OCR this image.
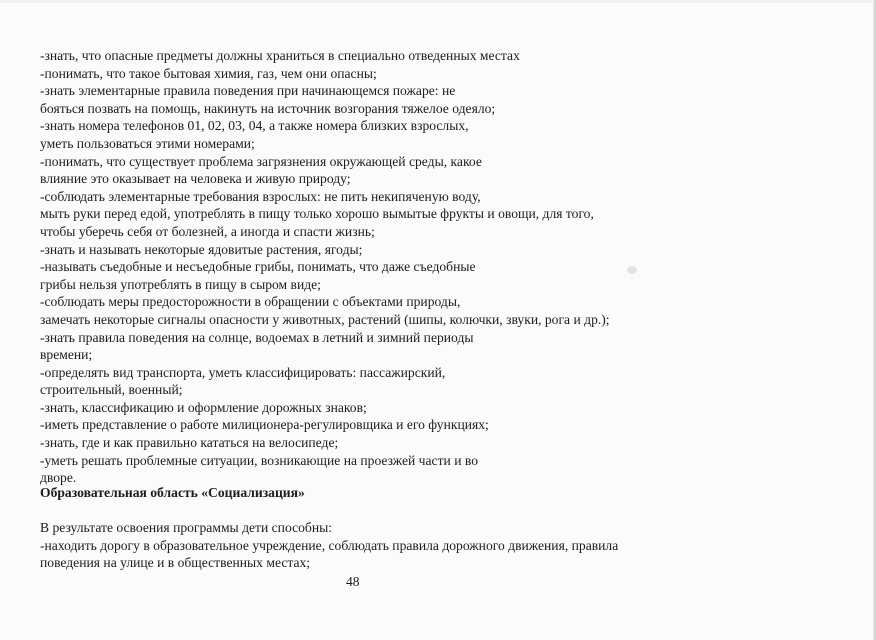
-знать, что опасные предметы должны храниться в специально отведенных местах
-понимать, что такое бытовая химия, газ, чем они опасны;
-знать элементарные правила поведения при начинающемся пожаре: не
бояться позвать на помощь, накинуть на источник возгорания тяжелое одеяло;
-знать номера телефонов 01, 02, 03, 04, а также номера близких взрослых,
уметь пользоваться этими номерами;
-понимать, что существует проблема загрязнения окружающей среды, какое
влияние это оказывает на человека и живую природу;
-соблюдать элементарные требования взрослых: не пить некипяченую воду,
мыть руки перед едой, употреблять в пищу только хорошо вымытые фрукты и овощи, для того,
чтобы уберечь себя от болезней, а иногда и спасти жизнь;
-знать и называть некоторые ядовитые растения, ягоды;
-называть съедобные и несъедобные грибы, понимать, что даже съедобные
грибы нельзя употреблять в пищу в сыром виде;
-соблюдать меры предосторожности в обращении с объектами природы,
замечать некоторые сигналы опасности у животных, растений (шипы, колючки, звуки, рога и др.);
-знать правила поведения на солнце, водоемах в летний и зимний периоды
времени;
-определять вид транспорта, уметь классифицировать: пассажирский,
строительный, военный;
-знать, классификацию и оформление дорожных знаков;
-иметь представление о работе милиционера-регулировщика и его функциях;
-знать, где и как правильно кататься на велосипеде;
-уметь решать проблемные ситуации, возникающие на проезжей части и во
дворе.
Образовательная область «Социализация»
В результате освоения программы дети способны:
-находить дорогу в образовательное учреждение, соблюдать правила дорожного движения, правила
поведения на улице и в общественных местах;
48
